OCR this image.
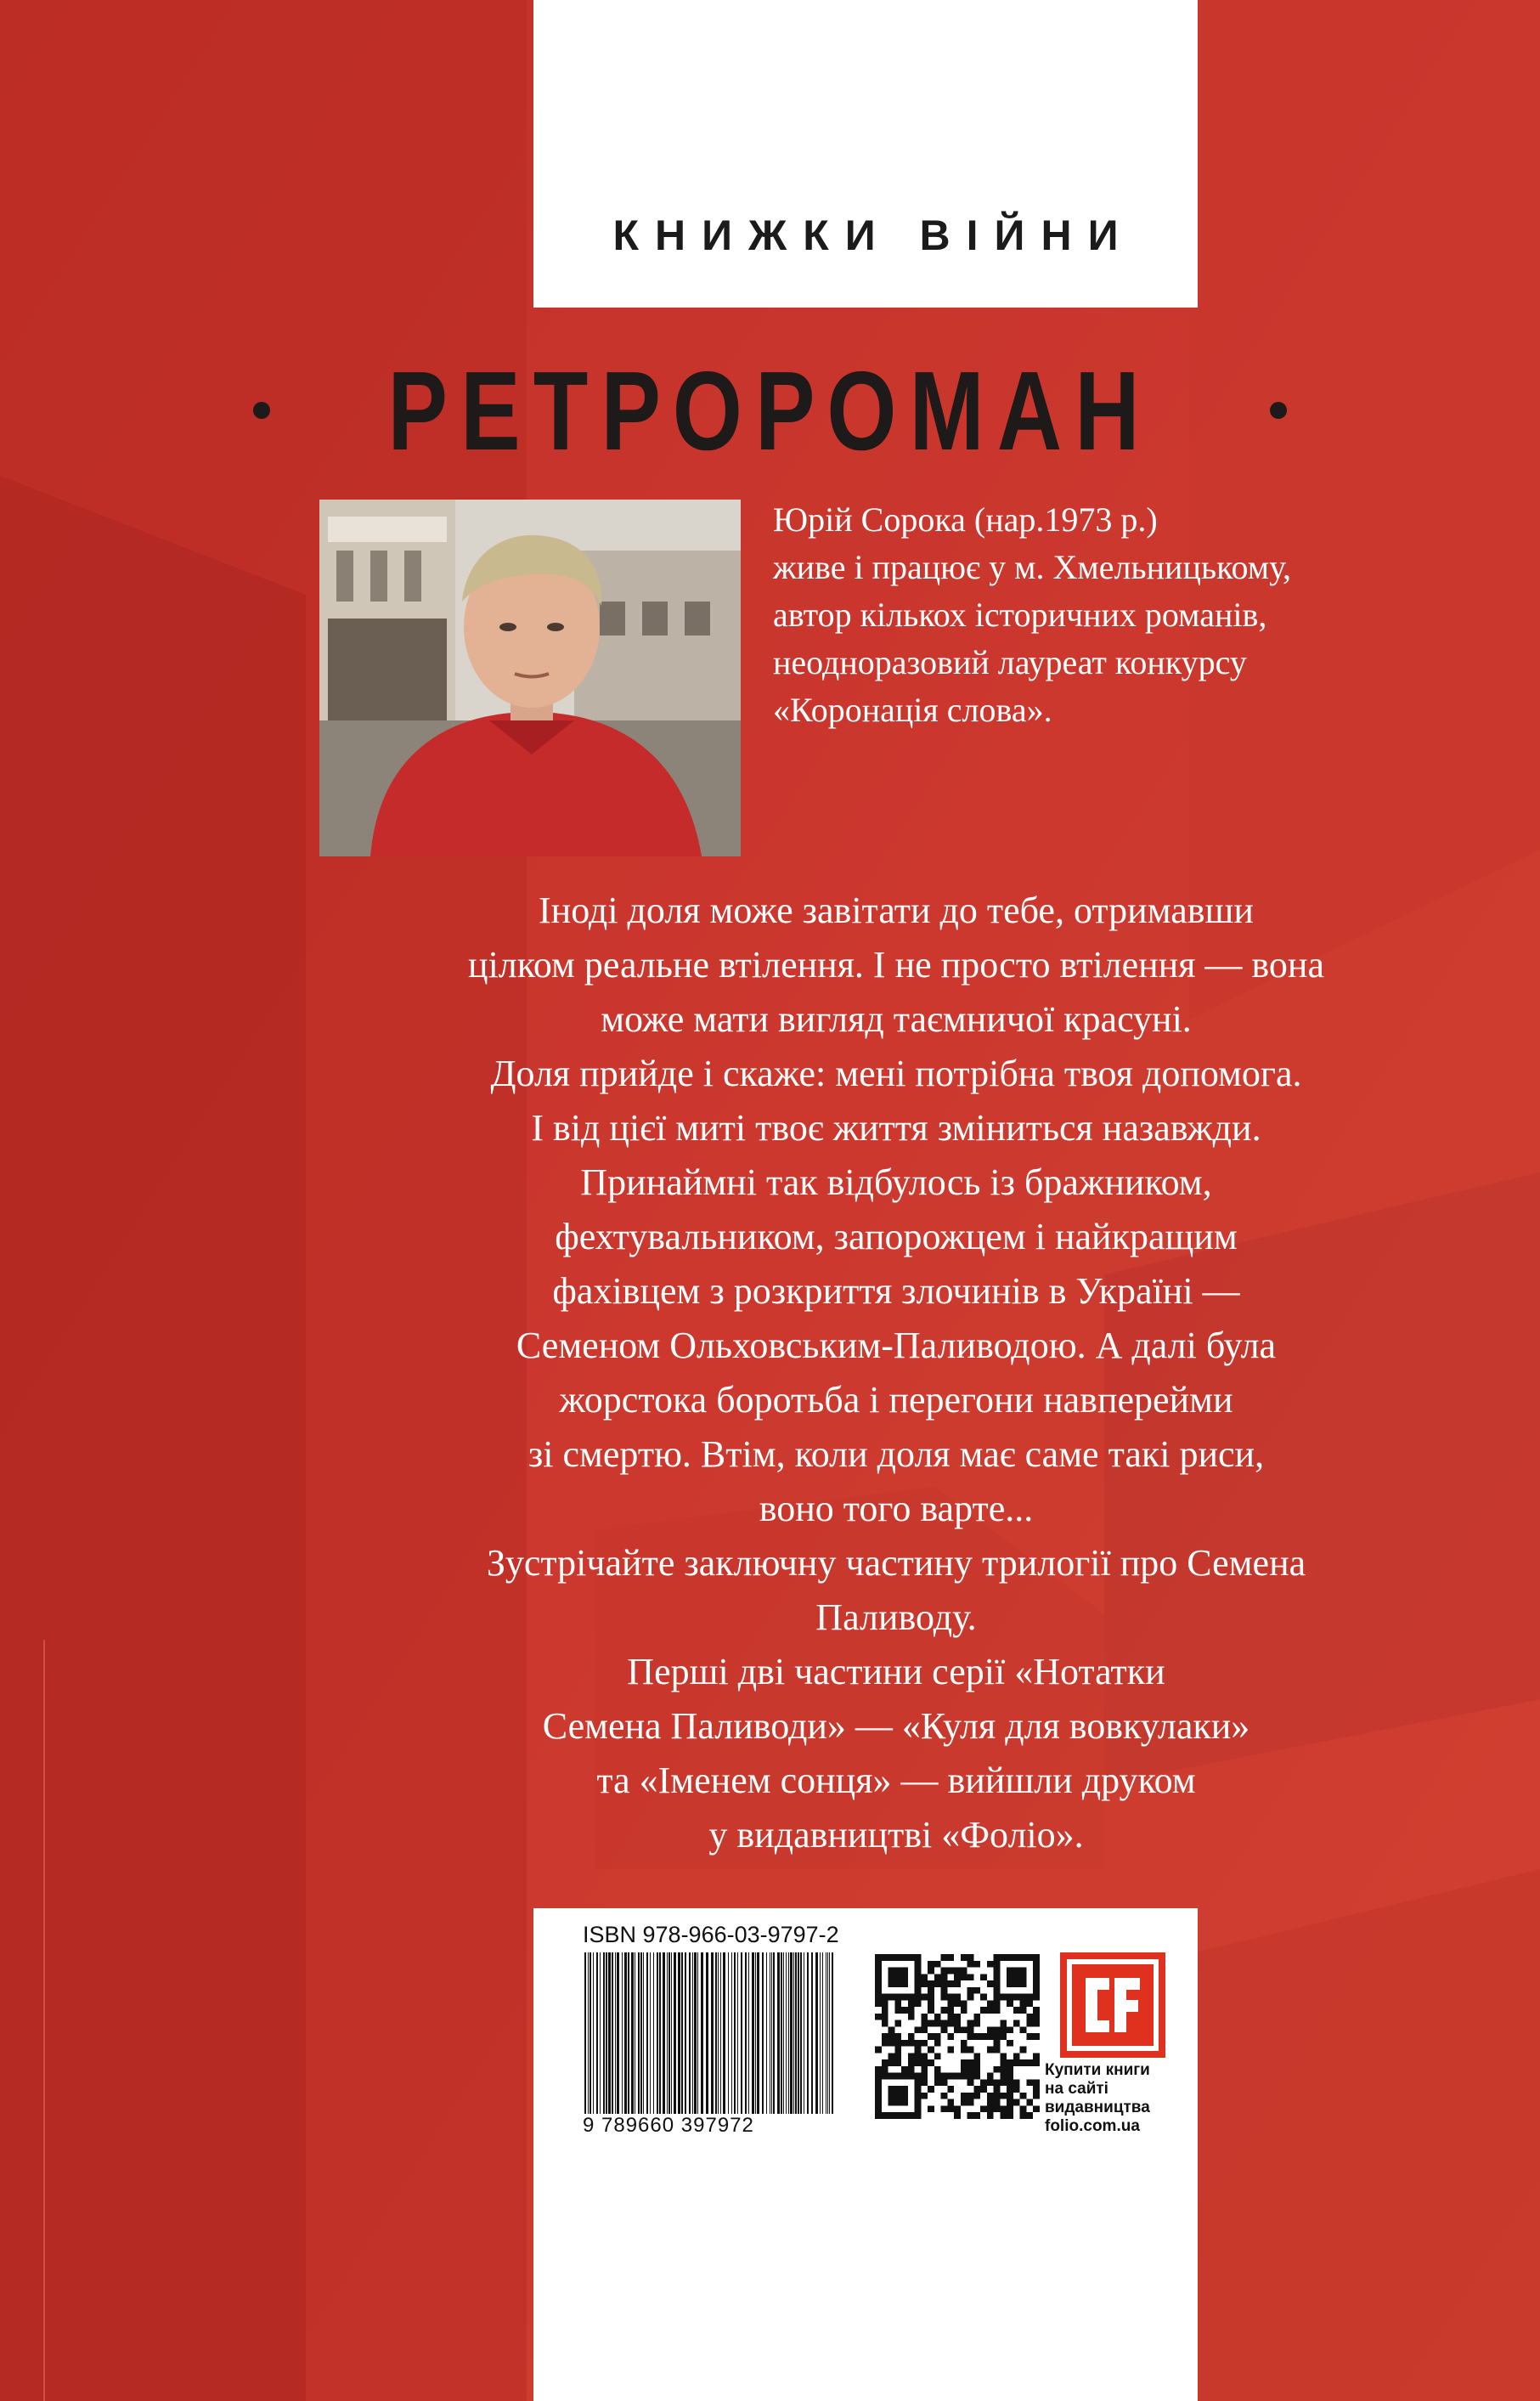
КНИЖКИ ВІЙНИ
РЕТРОРОМАН
Юрій Сорока (нар.1973 р.)
живе і працює у м. Хмельницькому,
автор кількох історичних романів,
неодноразовий лауреат конкурсу
«Коронація слова».
Іноді доля може завітати до тебе, отримавши
цілком реальне втілення. І не просто втілення — вона
може мати вигляд таємничої красуні.
Доля прийде і скаже: мені потрібна твоя допомога.
І від цієї миті твоє життя зміниться назавжди.
Принаймні так відбулось із бражником,
фехтувальником, запорожцем і найкращим
фахівцем з розкриття злочинів в Україні —
Семеном Ольховським-Паливодою. А далі була
жорстока боротьба і перегони навперейми
зі смертю. Втім, коли доля має саме такі риси,
воно того варте...
Зустрічайте заключну частину трилогії про Семена
Паливоду.
Перші дві частини серії «Нотатки
Семена Паливоди» — «Куля для вовкулаки»
та «Іменем сонця» — вийшли друком
у видавництві «Фоліо».
ISBN 978-966-03-9797-2
9 789660 397972
Купити книги
на сайті
видавництва
folio.com.ua
